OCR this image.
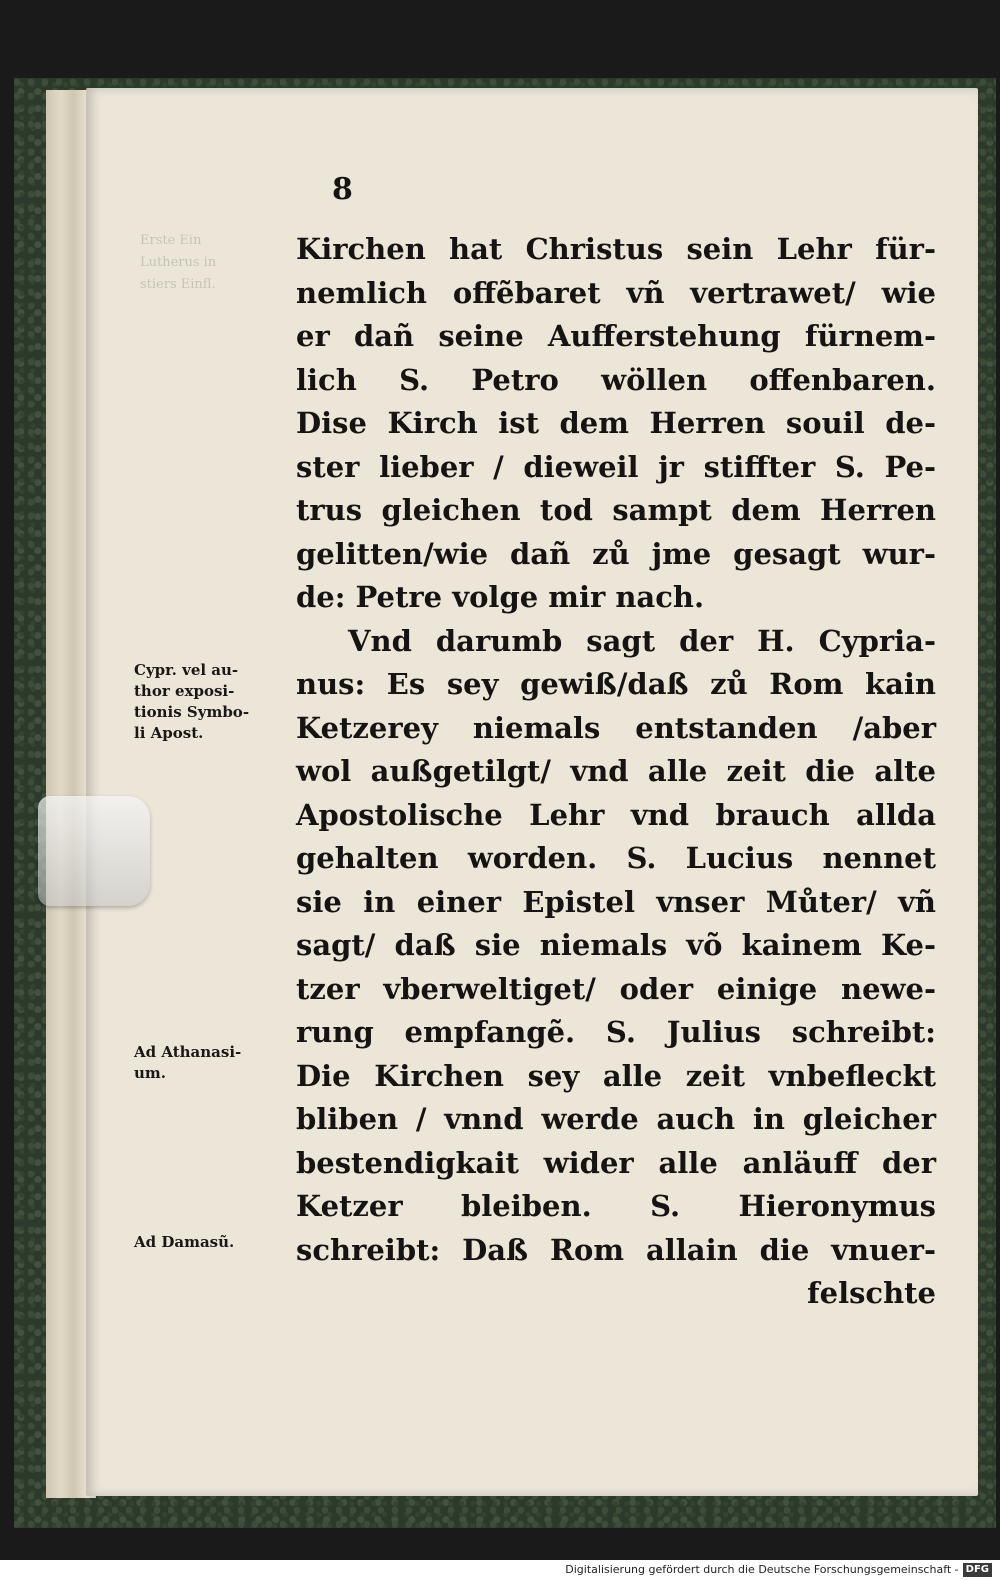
Erste Ein
Lutherus in
stiers Einfl.

8

Kirchen hat Christus sein Lehr für-
nemlich offẽbaret vñ vertrawet/ wie
er dañ seine Aufferstehung fürnem-
lich S. Petro wöllen offenbaren.
Dise Kirch ist dem Herren souil de-
ster lieber / dieweil jr stiffter S. Pe-
trus gleichen tod sampt dem Herren
gelitten/wie dañ zů jme gesagt wur-
de: Petre volge mir nach.
Vnd darumb sagt der H. Cypria-
nus: Es sey gewiß/daß zů Rom kain
Ketzerey niemals entstanden /aber
wol außgetilgt/ vnd alle zeit die alte
Apostolische Lehr vnd brauch allda
gehalten worden. S. Lucius nennet
sie in einer Epistel vnser Můter/ vñ
sagt/ daß sie niemals võ kainem Ke-
tzer vberweltiget/ oder einige newe-
rung empfangẽ. S. Julius schreibt:
Die Kirchen sey alle zeit vnbefleckt
bliben / vnnd werde auch in gleicher
bestendigkait wider alle anläuff der
Ketzer bleiben. S. Hieronymus
schreibt: Daß Rom allain die vnuer-
felschte
Cypr. vel au-
thor exposi-
tionis Symbo-
li Apost.
Ad Athanasi-
um.
Ad Damasũ.
Digitalisierung gefördert durch die Deutsche Forschungsgemeinschaft - DFG
